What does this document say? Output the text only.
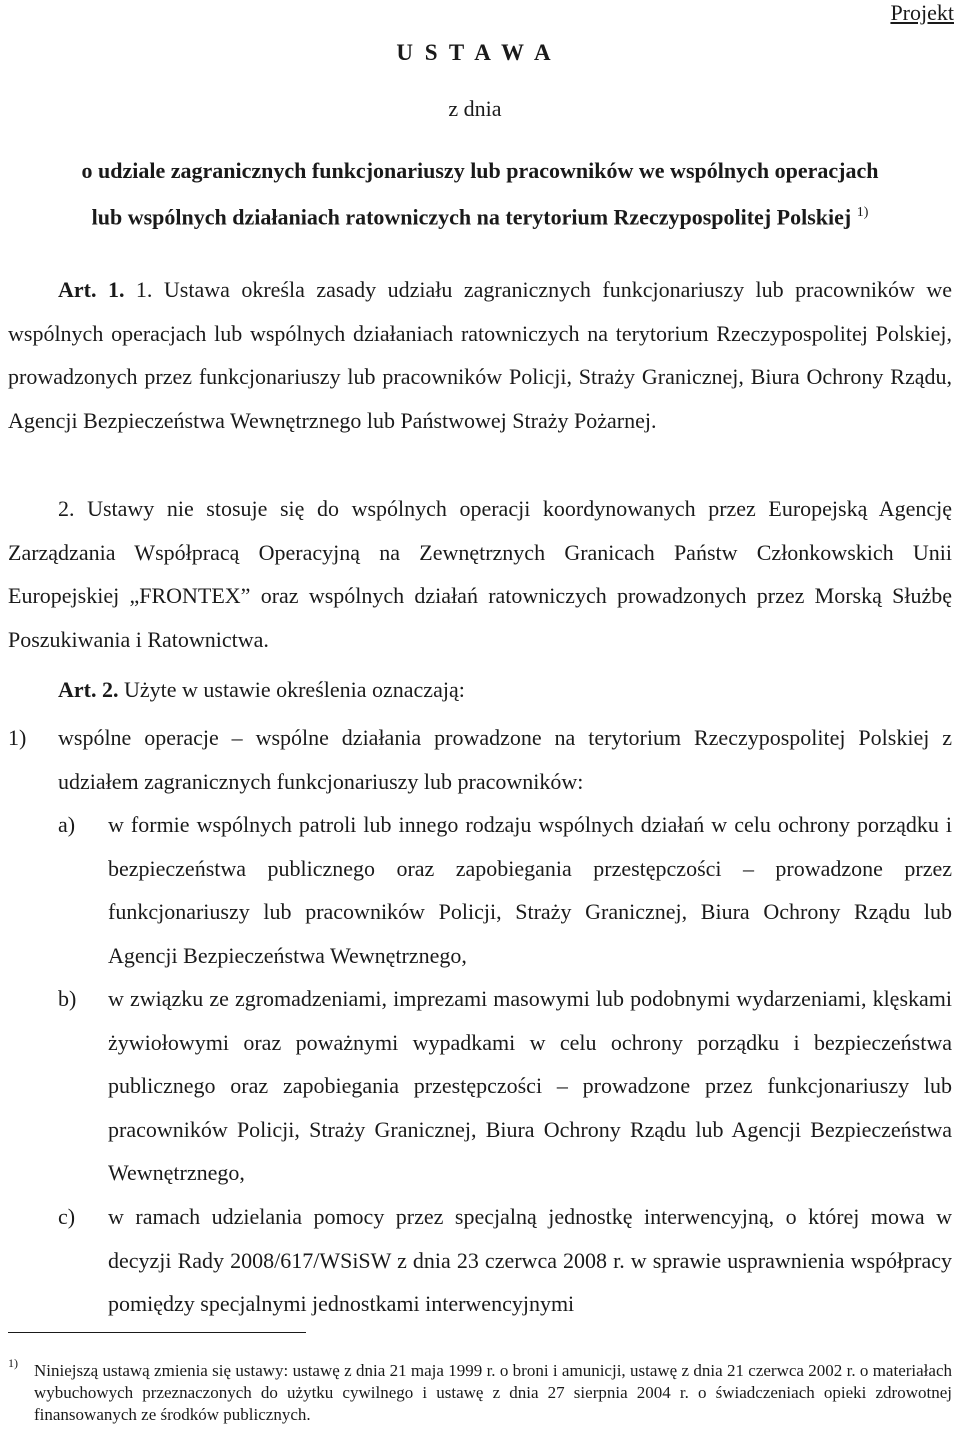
Projekt
U S T A W A
z dnia
o udziale zagranicznych funkcjonariuszy lub pracowników we wspólnych operacjach
lub wspólnych działaniach ratowniczych na terytorium Rzeczypospolitej Polskiej $^{1)}$

Art. 1. 1. Ustawa określa zasady udziału zagranicznych funkcjonariuszy lub pracowników we wspólnych operacjach lub wspólnych działaniach ratowniczych na terytorium Rzeczypospolitej Polskiej, prowadzonych przez funkcjonariuszy lub pracowników Policji, Straży Granicznej, Biura Ochrony Rządu, Agencji Bezpieczeństwa Wewnętrznego lub Państwowej Straży Pożarnej.

2. Ustawy nie stosuje się do wspólnych operacji koordynowanych przez Europejską Agencję Zarządzania Współpracą Operacyjną na Zewnętrznych Granicach Państw Członkowskich Unii Europejskiej „FRONTEX” oraz wspólnych działań ratowniczych prowadzonych przez Morską Służbę Poszukiwania i Ratownictwa.

Art. 2. Użyte w ustawie określenia oznaczają:
1) wspólne operacje – wspólne działania prowadzone na terytorium Rzeczypospolitej Polskiej z udziałem zagranicznych funkcjonariuszy lub pracowników:
a) w formie wspólnych patroli lub innego rodzaju wspólnych działań w celu ochrony porządku i bezpieczeństwa publicznego oraz zapobiegania przestępczości – prowadzone przez funkcjonariuszy lub pracowników Policji, Straży Granicznej, Biura Ochrony Rządu lub Agencji Bezpieczeństwa Wewnętrznego,
b) w związku ze zgromadzeniami, imprezami masowymi lub podobnymi wydarzeniami, klęskami żywiołowymi oraz poważnymi wypadkami w celu ochrony porządku i bezpieczeństwa publicznego oraz zapobiegania przestępczości – prowadzone przez funkcjonariuszy lub pracowników Policji, Straży Granicznej, Biura Ochrony Rządu lub Agencji Bezpieczeństwa Wewnętrznego,
c) w ramach udzielania pomocy przez specjalną jednostkę interwencyjną, o której mowa w decyzji Rady 2008/617/WSiSW z dnia 23 czerwca 2008 r. w sprawie usprawnienia współpracy pomiędzy specjalnymi jednostkami interwencyjnymi
1) Niniejszą ustawą zmienia się ustawy: ustawę z dnia 21 maja 1999 r. o broni i amunicji, ustawę z dnia 21 czerwca 2002 r. o materiałach wybuchowych przeznaczonych do użytku cywilnego i ustawę z dnia 27 sierpnia 2004 r. o świadczeniach opieki zdrowotnej finansowanych ze środków publicznych.
